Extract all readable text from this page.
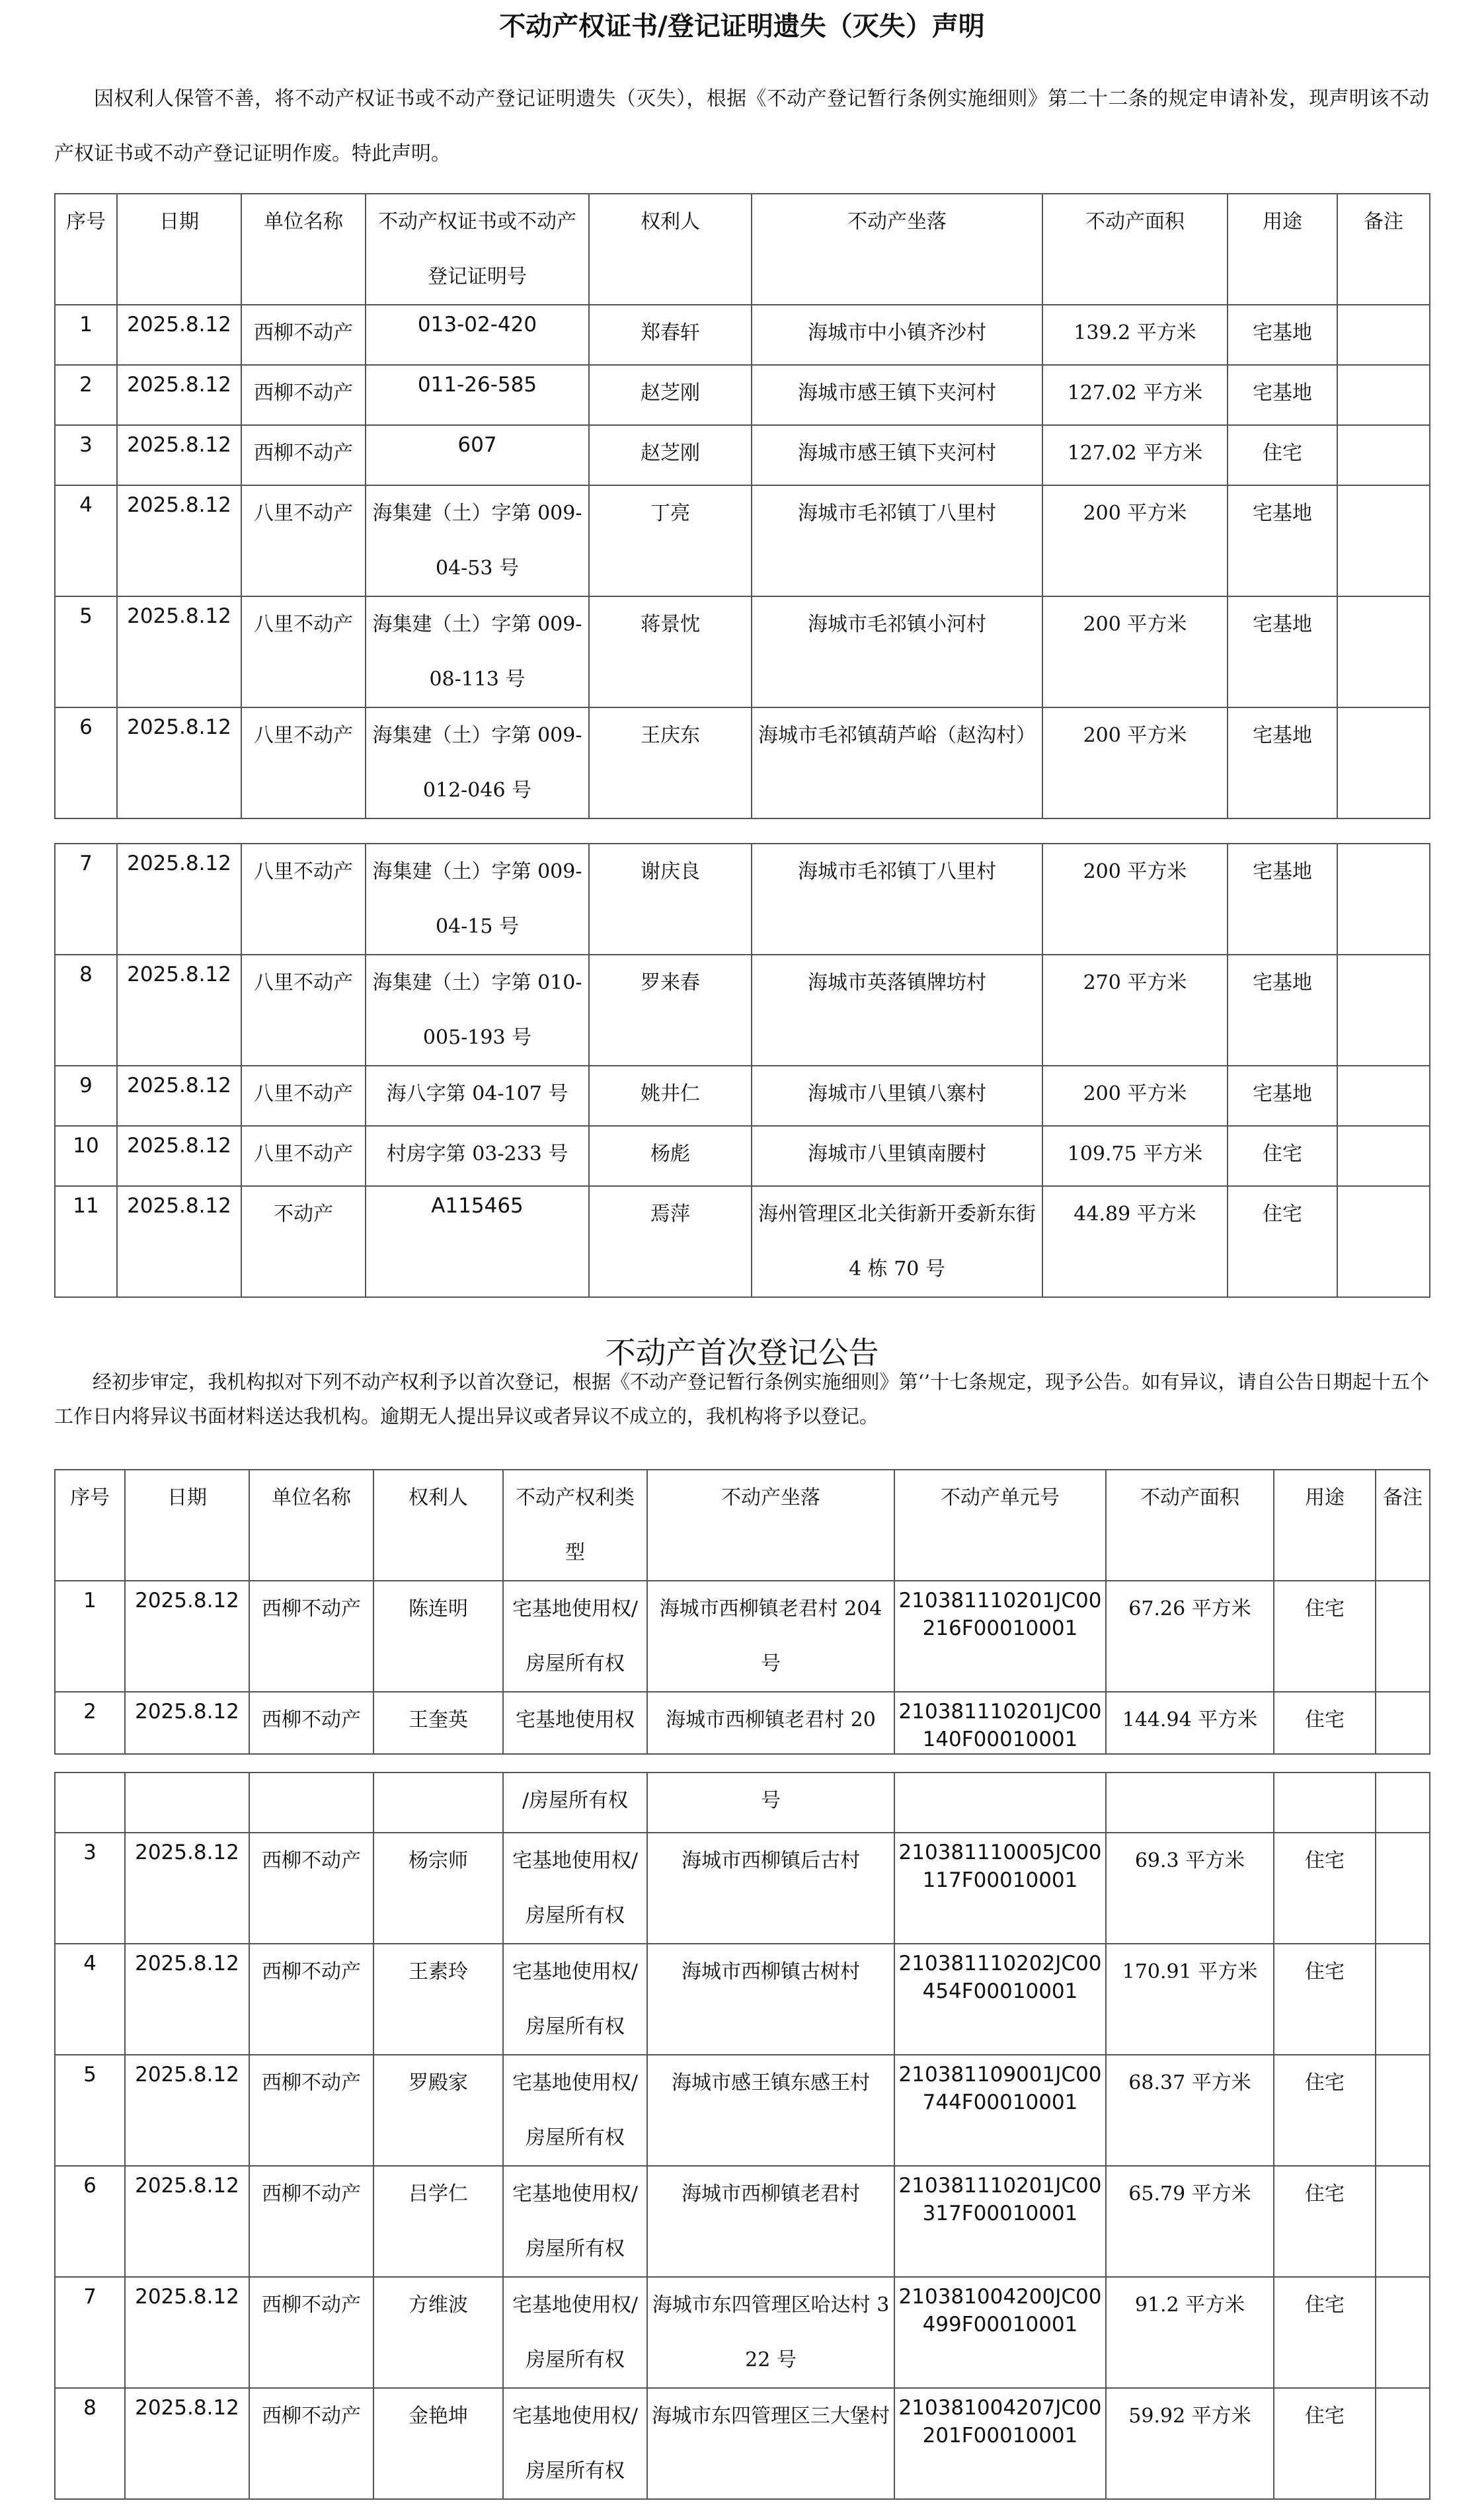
不动产权证书/登记证明遗失（灭失）声明
因权利人保管不善，将不动产权证书或不动产登记证明遗失（灭失），根据《不动产登记暂行条例实施细则》第二十二条的规定申请补发，现声明该不动产权证书或不动产登记证明作废。特此声明。
序号	日期	单位名称	不动产权证书或不动产登记证明号	权利人	不动产坐落	不动产面积	用途	备注
1	2025.8.12	西柳不动产	013-02-420	郑春轩	海城市中小镇齐沙村	139.2 平方米	宅基地	
2	2025.8.12	西柳不动产	011-26-585	赵芝刚	海城市感王镇下夹河村	127.02 平方米	宅基地	
3	2025.8.12	西柳不动产	607	赵芝刚	海城市感王镇下夹河村	127.02 平方米	住宅	
4	2025.8.12	八里不动产	海集建（土）字第 009-04-53 号	丁亮	海城市毛祁镇丁八里村	200 平方米	宅基地	
5	2025.8.12	八里不动产	海集建（土）字第 009-08-113 号	蒋景忱	海城市毛祁镇小河村	200 平方米	宅基地	
6	2025.8.12	八里不动产	海集建（土）字第 009-012-046 号	王庆东	海城市毛祁镇葫芦峪（赵沟村）	200 平方米	宅基地	
7	2025.8.12	八里不动产	海集建（土）字第 009-04-15 号	谢庆良	海城市毛祁镇丁八里村	200 平方米	宅基地	
8	2025.8.12	八里不动产	海集建（土）字第 010-005-193 号	罗来春	海城市英落镇牌坊村	270 平方米	宅基地	
9	2025.8.12	八里不动产	海八字第 04-107 号	姚井仁	海城市八里镇八寨村	200 平方米	宅基地	
10	2025.8.12	八里不动产	村房字第 03-233 号	杨彪	海城市八里镇南腰村	109.75 平方米	住宅	
11	2025.8.12	不动产	A115465	焉萍	海州管理区北关街新开委新东街 4 栋 70 号	44.89 平方米	住宅	
不动产首次登记公告
经初步审定，我机构拟对下列不动产权利予以首次登记，根据《不动产登记暂行条例实施细则》第‘’十七条规定，现予公告。如有异议，请自公告日期起十五个工作日内将异议书面材料送达我机构。逾期无人提出异议或者异议不成立的，我机构将予以登记。
序号	日期	单位名称	权利人	不动产权利类型	不动产坐落	不动产单元号	不动产面积	用途	备注
1	2025.8.12	西柳不动产	陈连明	宅基地使用权/房屋所有权	海城市西柳镇老君村 204 号	210381110201JC00216F00010001	67.26 平方米	住宅	
2	2025.8.12	西柳不动产	王奎英	宅基地使用权	海城市西柳镇老君村 20	210381110201JC00140F00010001	144.94 平方米	住宅	
				/房屋所有权	号				
3	2025.8.12	西柳不动产	杨宗师	宅基地使用权/房屋所有权	海城市西柳镇后古村	210381110005JC00117F00010001	69.3 平方米	住宅	
4	2025.8.12	西柳不动产	王素玲	宅基地使用权/房屋所有权	海城市西柳镇古树村	210381110202JC00454F00010001	170.91 平方米	住宅	
5	2025.8.12	西柳不动产	罗殿家	宅基地使用权/房屋所有权	海城市感王镇东感王村	210381109001JC00744F00010001	68.37 平方米	住宅	
6	2025.8.12	西柳不动产	吕学仁	宅基地使用权/房屋所有权	海城市西柳镇老君村	210381110201JC00317F00010001	65.79 平方米	住宅	
7	2025.8.12	西柳不动产	方维波	宅基地使用权/房屋所有权	海城市东四管理区哈达村 322 号	210381004200JC00499F00010001	91.2 平方米	住宅	
8	2025.8.12	西柳不动产	金艳坤	宅基地使用权/房屋所有权	海城市东四管理区三大堡村	210381004207JC00201F00010001	59.92 平方米	住宅	
